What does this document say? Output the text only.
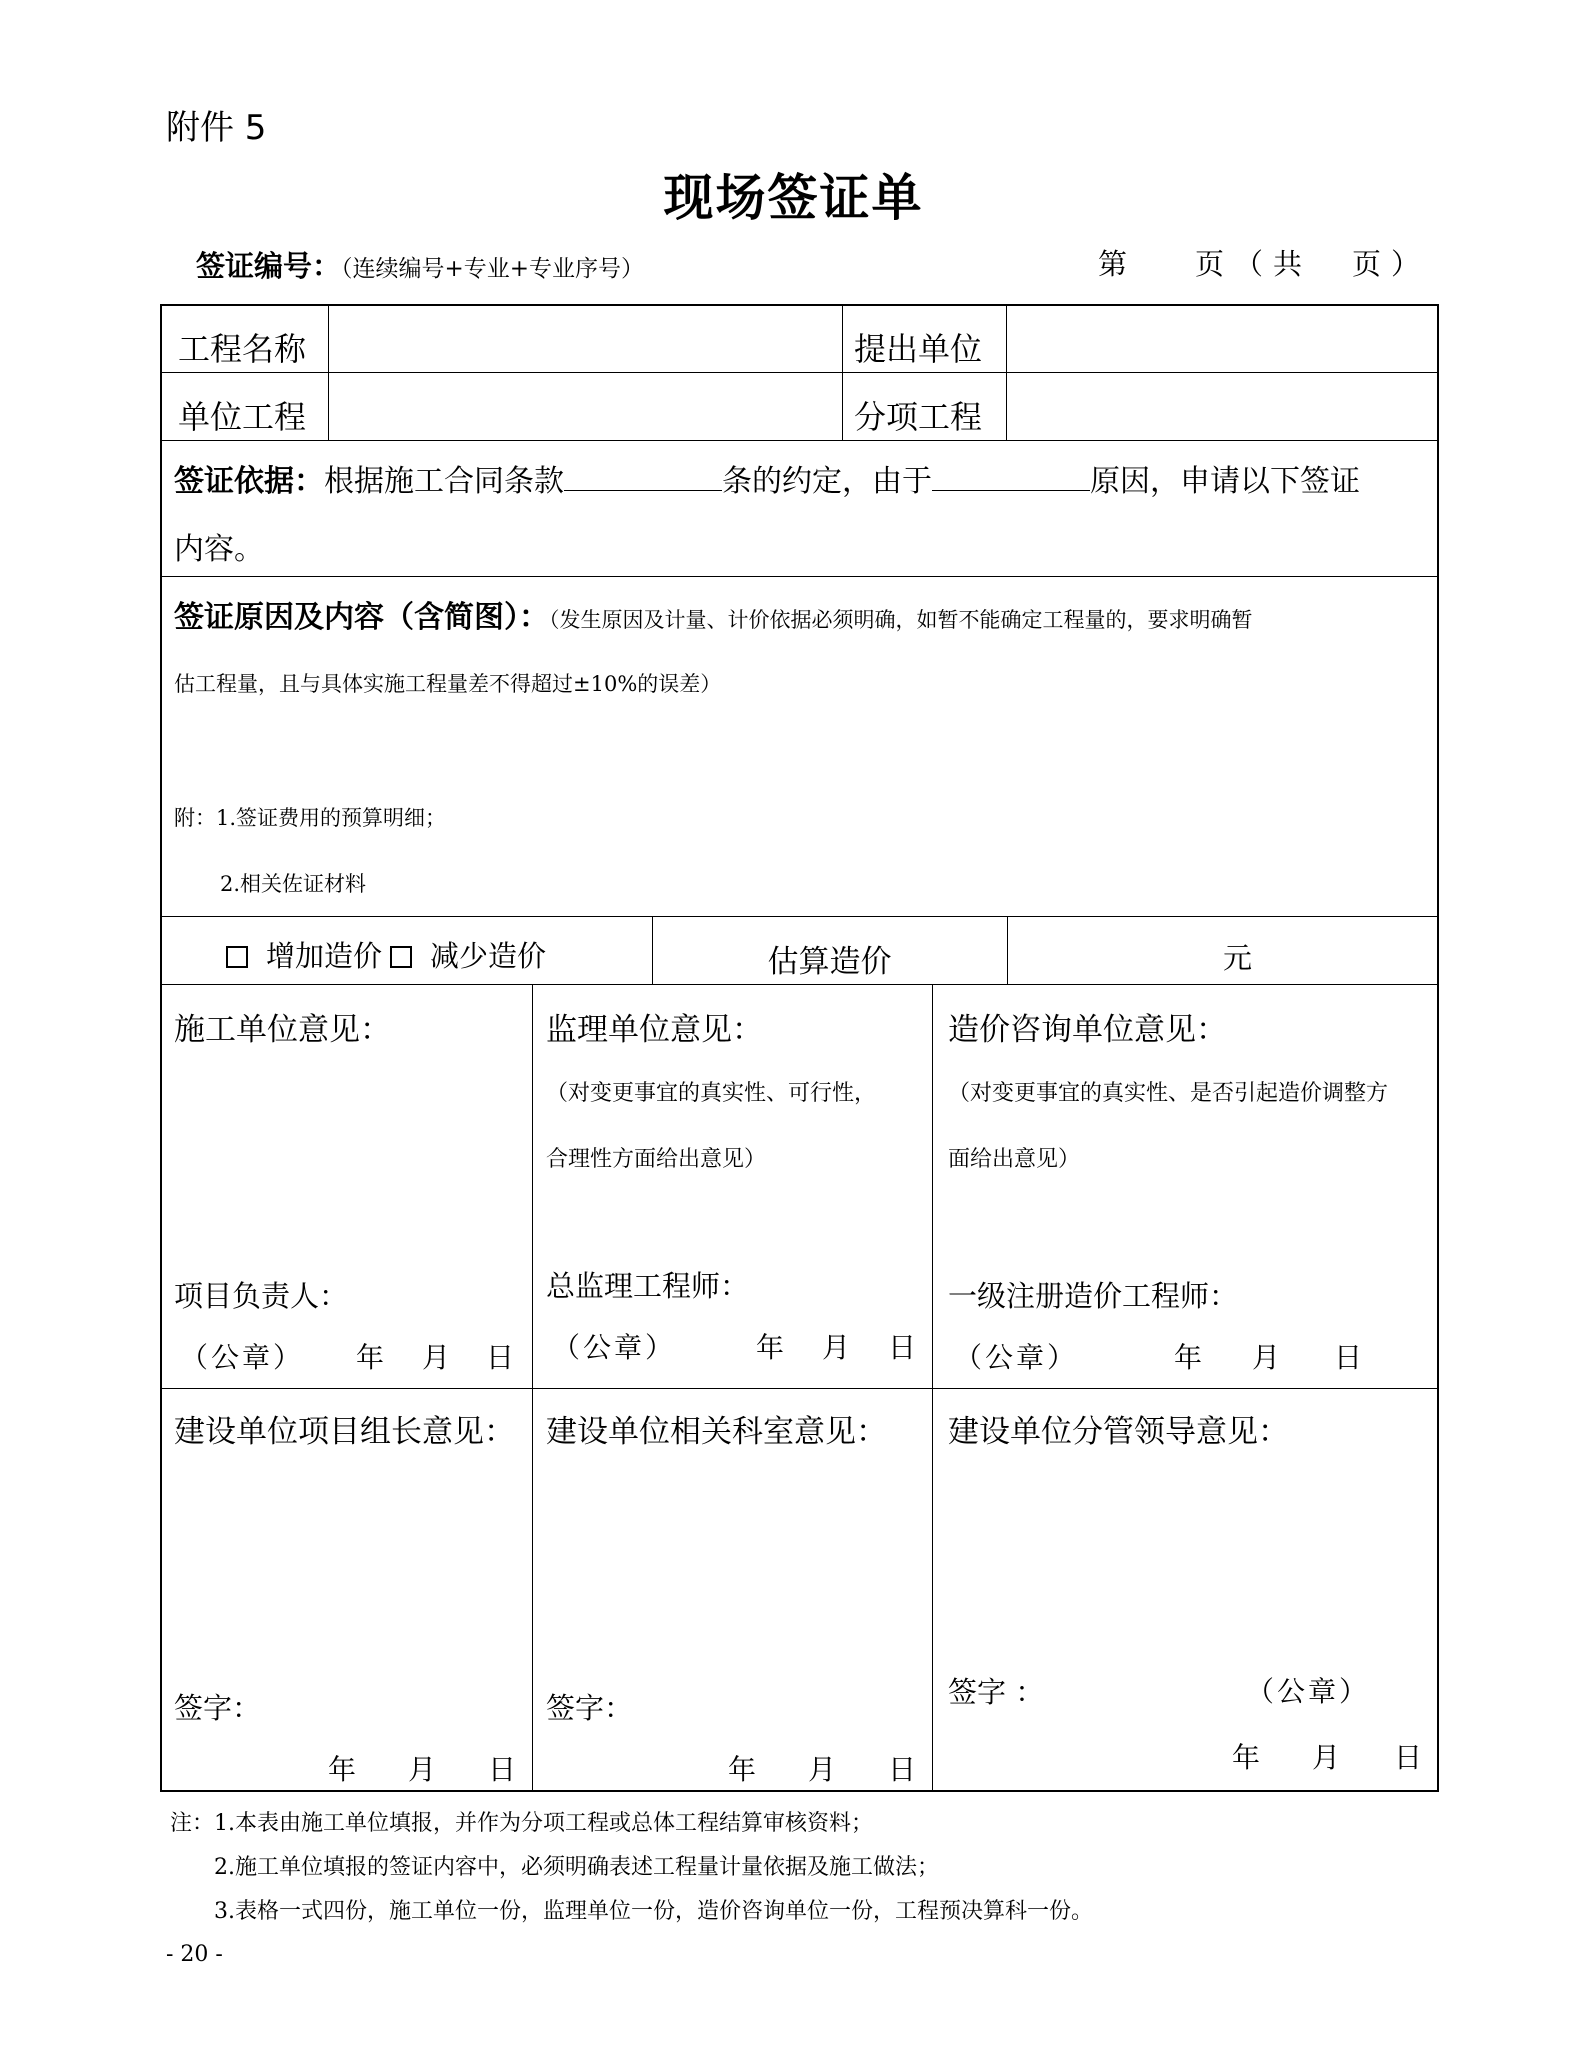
附件 5
现场签证单
签证编号：（连续编号+专业+专业序号）	第 页（共 页）
工程名称	提出单位
单位工程	分项工程
签证依据：根据施工合同条款	条的约定，由于	原因，申请以下签证
内容。
签证原因及内容（含简图）：（发生原因及计量、计价依据必须明确，如暂不能确定工程量的，要求明确暂
估工程量，且与具体实施工程量差不得超过±10%的误差）
附：1.签证费用的预算明细；
2.相关佐证材料
增加造价 减少造价	估算造价	元
施工单位意见：
项目负责人：
（公章） 年 月 日
监理单位意见：
（对变更事宜的真实性、可行性，
合理性方面给出意见）
总监理工程师：
（公章）	年 月 日
造价咨询单位意见：
（对变更事宜的真实性、是否引起造价调整方
面给出意见）
一级注册造价工程师：
（公章）	年 月 日
建设单位项目组长意见：
签字：
年 月 日
建设单位相关科室意见：
签字：
年 月 日
建设单位分管领导意见：
签字 ：	（公章）
年 月 日
注：1.本表由施工单位填报，并作为分项工程或总体工程结算审核资料；
2.施工单位填报的签证内容中，必须明确表述工程量计量依据及施工做法；
3.表格一式四份，施工单位一份，监理单位一份，造价咨询单位一份，工程预决算科一份。
- 20 -
